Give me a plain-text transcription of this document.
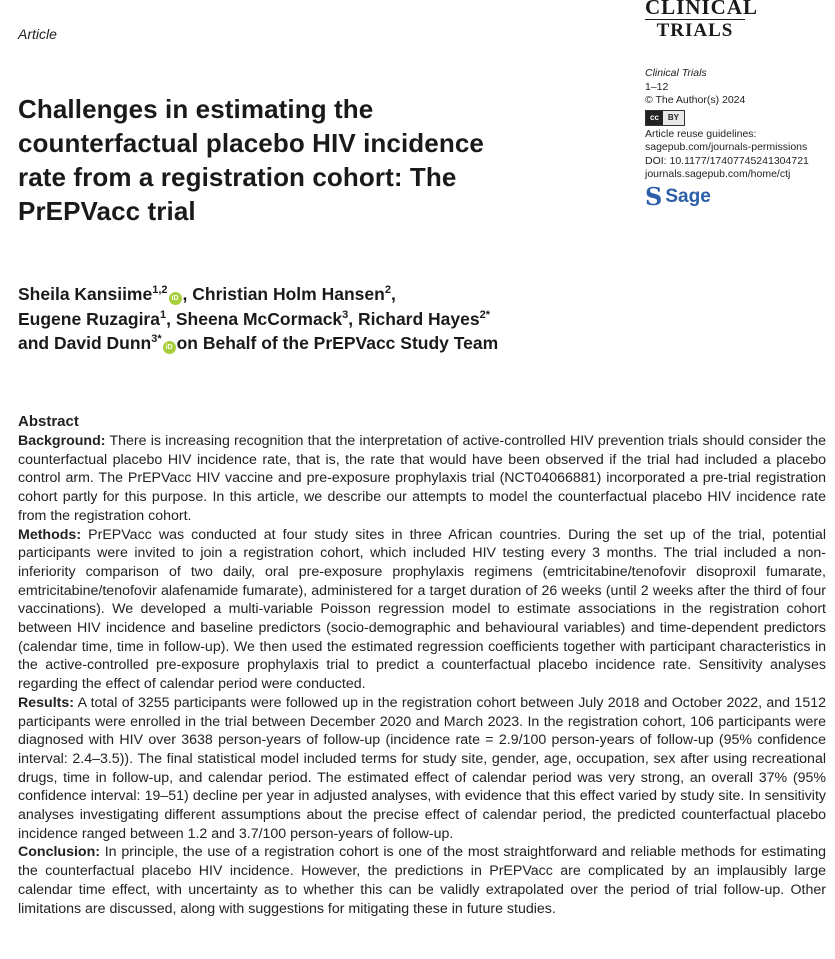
Article
CLINICAL
TRIALS
Challenges in estimating the counterfactual placebo HIV incidence rate from a registration cohort: The PrEPVacc trial
Clinical Trials
1–12
© The Author(s) 2024
cc	BY
Article reuse guidelines:
sagepub.com/journals-permissions
DOI: 10.1177/17407745241304721
journals.sagepub.com/home/ctj
S Sage
Sheila Kansiime$^{1,2}$iD , Christian Holm Hansen$^2$,
Eugene Ruzagira$^1$, Sheena McCormack$^3$, Richard Hayes$^{2*}$
and David Dunn$^{3*}$iD on Behalf of the PrEPVacc Study Team
Abstract

Background: There is increasing recognition that the interpretation of active-controlled HIV prevention trials should consider the counterfactual placebo HIV incidence rate, that is, the rate that would have been observed if the trial had included a placebo control arm. The PrEPVacc HIV vaccine and pre-exposure prophylaxis trial (NCT04066881) incorporated a pre-trial registration cohort partly for this purpose. In this article, we describe our attempts to model the counterfactual placebo HIV incidence rate from the registration cohort.

Methods: PrEPVacc was conducted at four study sites in three African countries. During the set up of the trial, potential participants were invited to join a registration cohort, which included HIV testing every 3 months. The trial included a non-inferiority comparison of two daily, oral pre-exposure prophylaxis regimens (emtricitabine/tenofovir disoproxil fumarate, emtricitabine/tenofovir alafenamide fumarate), administered for a target duration of 26 weeks (until 2 weeks after the third of four vaccinations). We developed a multi-variable Poisson regression model to estimate associations in the registration cohort between HIV incidence and baseline predictors (socio-demographic and behavioural variables) and time-dependent predictors (calendar time, time in follow-up). We then used the estimated regression coefficients together with participant characteristics in the active-controlled pre-exposure prophylaxis trial to predict a counterfactual placebo incidence rate. Sensitivity analyses regarding the effect of calendar period were conducted.

Results: A total of 3255 participants were followed up in the registration cohort between July 2018 and October 2022, and 1512 participants were enrolled in the trial between December 2020 and March 2023. In the registration cohort, 106 participants were diagnosed with HIV over 3638 person-years of follow-up (incidence rate = 2.9/100 person-years of follow-up (95% confidence interval: 2.4–3.5)). The final statistical model included terms for study site, gender, age, occupation, sex after using recreational drugs, time in follow-up, and calendar period. The estimated effect of calendar period was very strong, an overall 37% (95% confidence interval: 19–51) decline per year in adjusted analyses, with evidence that this effect varied by study site. In sensitivity analyses investigating different assumptions about the precise effect of calendar period, the predicted counterfactual placebo incidence ranged between 1.2 and 3.7/100 person-years of follow-up.

Conclusion: In principle, the use of a registration cohort is one of the most straightforward and reliable methods for estimating the counterfactual placebo HIV incidence. However, the predictions in PrEPVacc are complicated by an implausibly large calendar time effect, with uncertainty as to whether this can be validly extrapolated over the period of trial follow-up. Other limitations are discussed, along with suggestions for mitigating these in future studies.
